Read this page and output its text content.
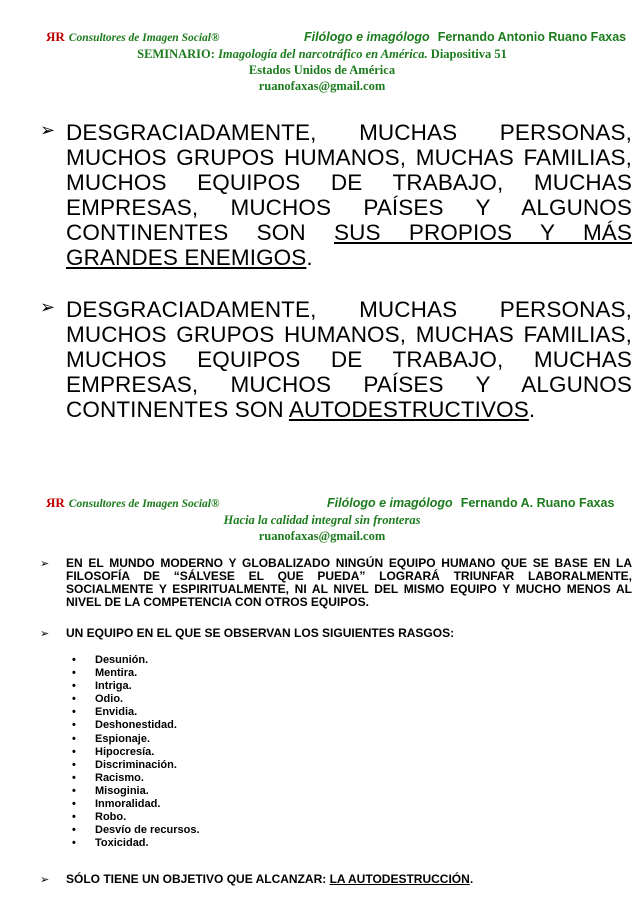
ЯR Consultores de Imagen Social®	Filólogo e imagólogo Fernando Antonio Ruano Faxas
SEMINARIO: Imagología del narcotráfico en América. Diapositiva 51
Estados Unidos de América
ruanofaxas@gmail.com
➢ DESGRACIADAMENTE, MUCHAS PERSONAS, MUCHOS GRUPOS HUMANOS, MUCHAS FAMILIAS, MUCHOS EQUIPOS DE TRABAJO, MUCHAS EMPRESAS, MUCHOS PAÍSES Y ALGUNOS CONTINENTES SON SUS PROPIOS Y MÁS GRANDES ENEMIGOS.
➢ DESGRACIADAMENTE, MUCHAS PERSONAS, MUCHOS GRUPOS HUMANOS, MUCHAS FAMILIAS, MUCHOS EQUIPOS DE TRABAJO, MUCHAS EMPRESAS, MUCHOS PAÍSES Y ALGUNOS CONTINENTES SON AUTODESTRUCTIVOS.
ЯR Consultores de Imagen Social®	Filólogo e imagólogo Fernando A. Ruano Faxas
Hacia la calidad integral sin fronteras
ruanofaxas@gmail.com
➢ EN EL MUNDO MODERNO Y GLOBALIZADO NINGÚN EQUIPO HUMANO QUE SE BASE EN LA FILOSOFÍA DE “SÁLVESE EL QUE PUEDA” LOGRARÁ TRIUNFAR LABORALMENTE, SOCIALMENTE Y ESPIRITUALMENTE, NI AL NIVEL DEL MISMO EQUIPO Y MUCHO MENOS AL NIVEL DE LA COMPETENCIA CON OTROS EQUIPOS.
➢ UN EQUIPO EN EL QUE SE OBSERVAN LOS SIGUIENTES RASGOS:
• Desunión.
• Mentira.
• Intriga.
• Odio.
• Envidia.
• Deshonestidad.
• Espionaje.
• Hipocresía.
• Discriminación.
• Racismo.
• Misoginia.
• Inmoralidad.
• Robo.
• Desvío de recursos.
• Toxicidad.
➢ SÓLO TIENE UN OBJETIVO QUE ALCANZAR: LA AUTODESTRUCCIÓN.
